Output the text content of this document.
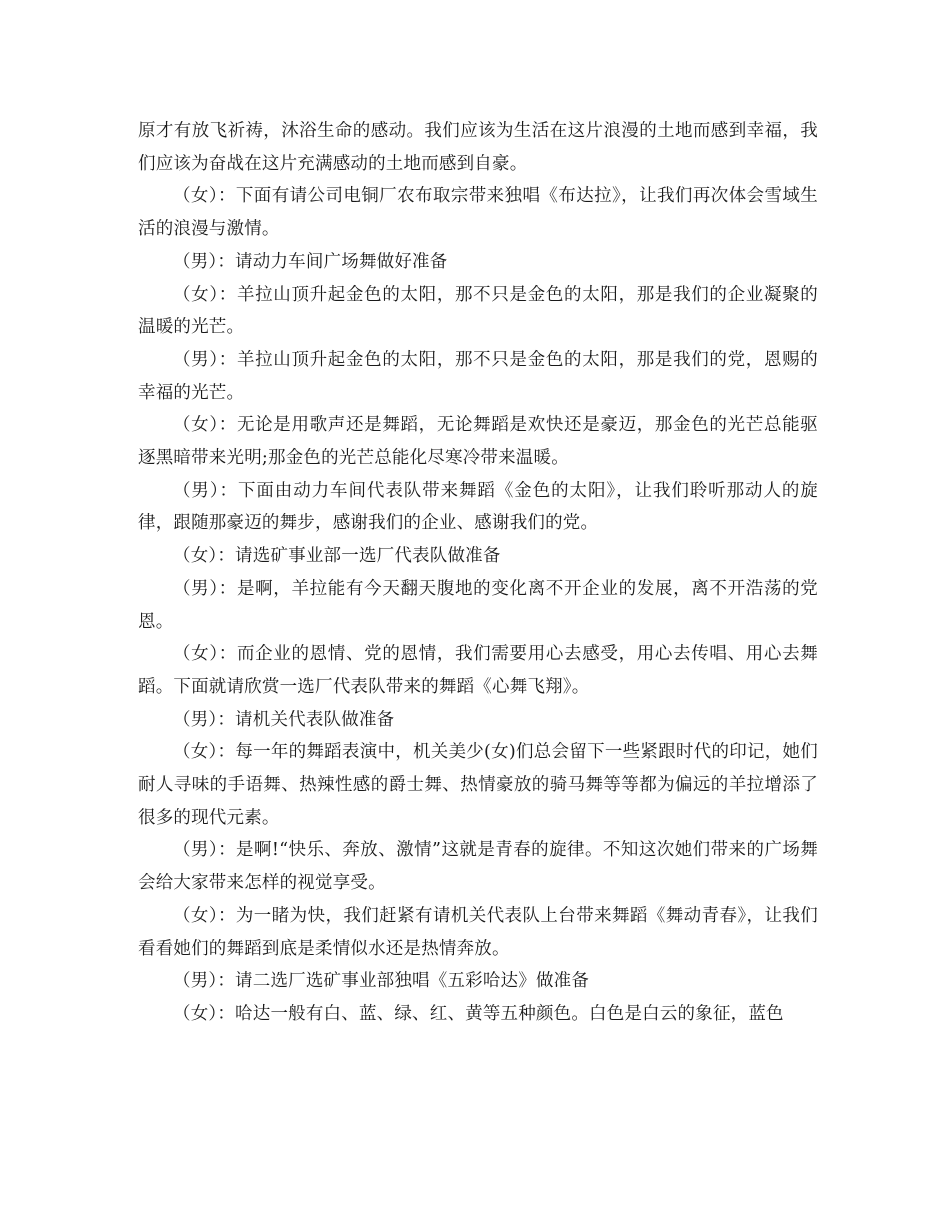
原才有放飞祈祷，沐浴生命的感动。我们应该为生活在这片浪漫的土地而感到幸福，我们应该为奋战在这片充满感动的土地而感到自豪。

（女）：下面有请公司电铜厂农布取宗带来独唱《布达拉》，让我们再次体会雪域生活的浪漫与激情。

（男）：请动力车间广场舞做好准备

（女）：羊拉山顶升起金色的太阳，那不只是金色的太阳，那是我们的企业凝聚的温暖的光芒。

（男）：羊拉山顶升起金色的太阳，那不只是金色的太阳，那是我们的党，恩赐的幸福的光芒。

（女）：无论是用歌声还是舞蹈，无论舞蹈是欢快还是豪迈，那金色的光芒总能驱逐黑暗带来光明;那金色的光芒总能化尽寒冷带来温暖。

（男）：下面由动力车间代表队带来舞蹈《金色的太阳》，让我们聆听那动人的旋律，跟随那豪迈的舞步，感谢我们的企业、感谢我们的党。

（女）：请选矿事业部一选厂代表队做准备

（男）：是啊，羊拉能有今天翻天腹地的变化离不开企业的发展，离不开浩荡的党恩。

（女）：而企业的恩情、党的恩情，我们需要用心去感受，用心去传唱、用心去舞蹈。下面就请欣赏一选厂代表队带来的舞蹈《心舞飞翔》。

（男）：请机关代表队做准备

（女）：每一年的舞蹈表演中，机关美少(女)们总会留下一些紧跟时代的印记，她们耐人寻味的手语舞、热辣性感的爵士舞、热情豪放的骑马舞等等都为偏远的羊拉增添了很多的现代元素。

（男）：是啊!“快乐、奔放、激情”这就是青春的旋律。不知这次她们带来的广场舞会给大家带来怎样的视觉享受。

（女）：为一睹为快，我们赶紧有请机关代表队上台带来舞蹈《舞动青春》，让我们看看她们的舞蹈到底是柔情似水还是热情奔放。

（男）：请二选厂选矿事业部独唱《五彩哈达》做准备

（女）：哈达一般有白、蓝、绿、红、黄等五种颜色。白色是白云的象征，蓝色
